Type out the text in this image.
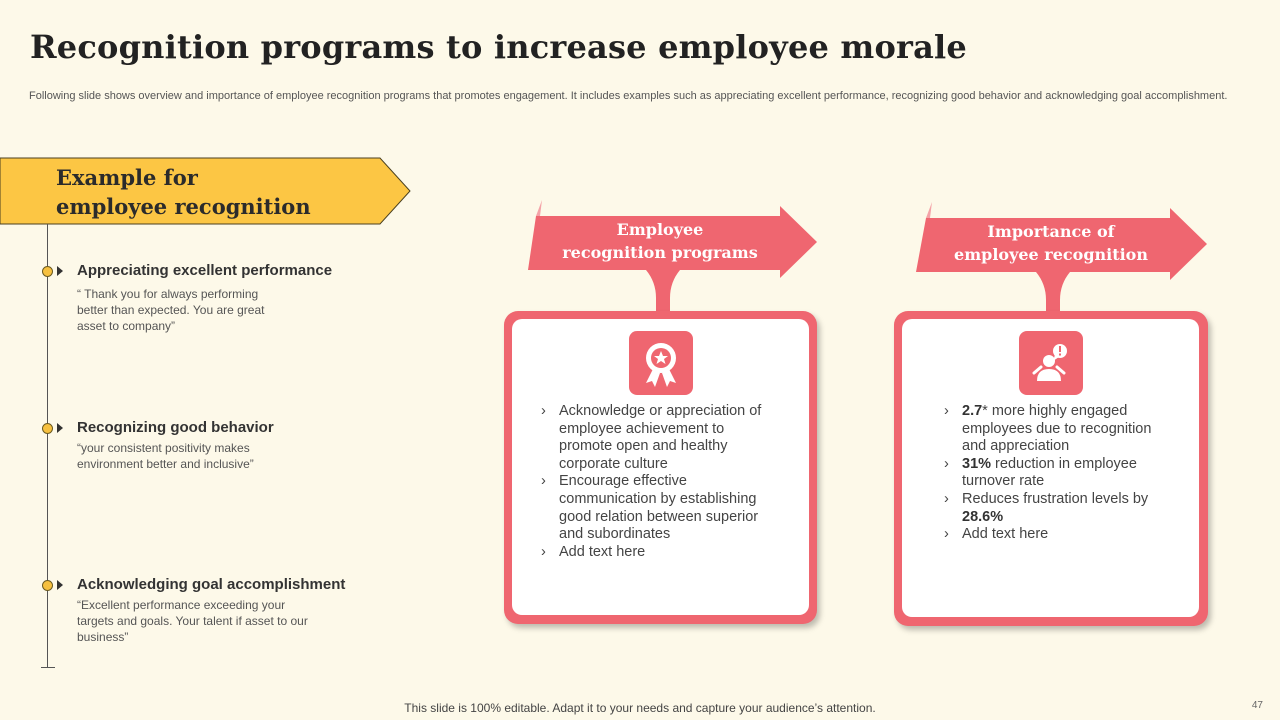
Recognition programs to increase employee morale
Following slide shows overview and importance of employee recognition programs that promotes engagement. It includes examples such as appreciating excellent performance, recognizing good behavior and acknowledging goal accomplishment.
Example for
employee recognition
Appreciating excellent performance
“ Thank you for always performing better than expected. You are great asset to company”
Recognizing good behavior
“your consistent positivity makes environment better and inclusive”
Acknowledging goal accomplishment
“Excellent performance exceeding your targets and goals. Your talent if asset to our business”
Employee
recognition programs
› Acknowledge or appreciation of employee achievement to promote open and healthy corporate culture
› Encourage effective communication by establishing good relation between superior and subordinates
› Add text here
Importance of
employee recognition
› 2.7* more highly engaged employees due to recognition and appreciation
› 31% reduction in employee turnover rate
› Reduces frustration levels by 28.6%
› Add text here
This slide is 100% editable. Adapt it to your needs and capture your audience’s attention.	47
